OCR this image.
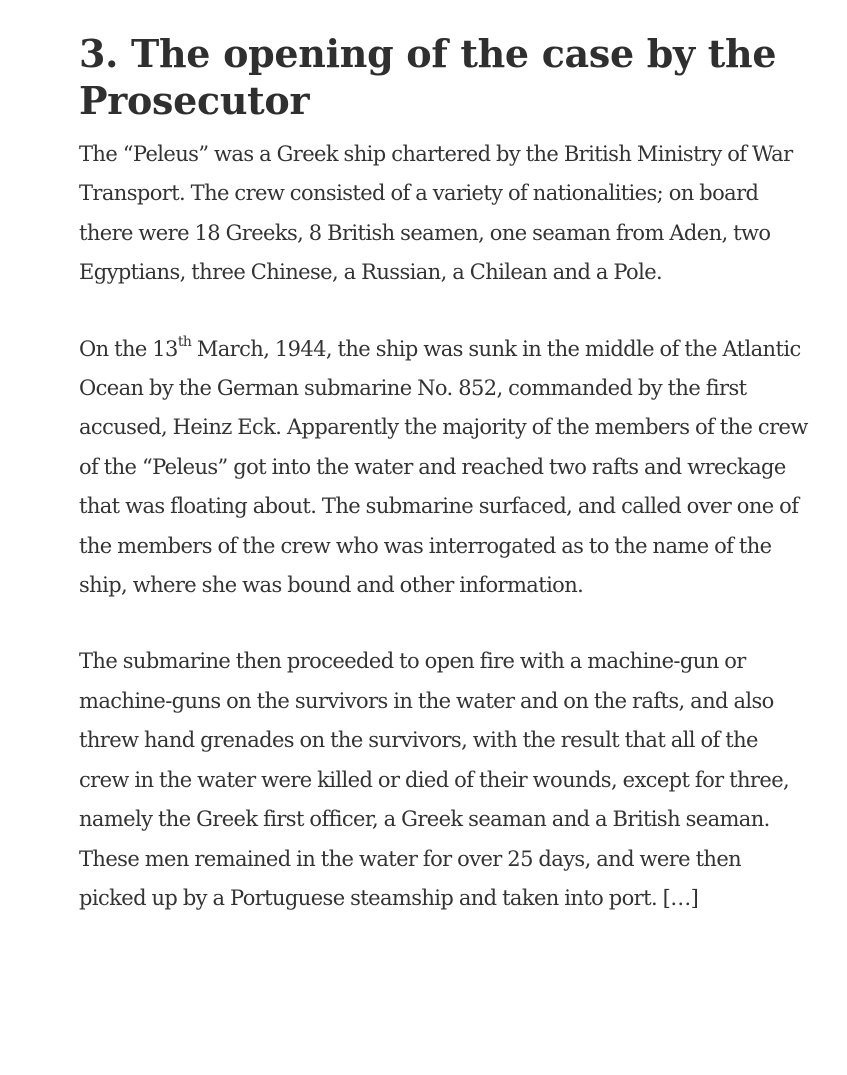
3. The opening of the case by the Prosecutor

The “Peleus” was a Greek ship chartered by the British Ministry of War Transport. The crew consisted of a variety of nationalities; on board there were 18 Greeks, 8 British seamen, one seaman from Aden, two Egyptians, three Chinese, a Russian, a Chilean and a Pole.

On the 13th March, 1944, the ship was sunk in the middle of the Atlantic Ocean by the German submarine No. 852, commanded by the first accused, Heinz Eck. Apparently the majority of the members of the crew of the “Peleus” got into the water and reached two rafts and wreckage that was floating about. The submarine surfaced, and called over one of the members of the crew who was interrogated as to the name of the ship, where she was bound and other information.

The submarine then proceeded to open fire with a machine-gun or machine-guns on the survivors in the water and on the rafts, and also threw hand grenades on the survivors, with the result that all of the crew in the water were killed or died of their wounds, except for three, namely the Greek first officer, a Greek seaman and a British seaman. These men remained in the water for over 25 days, and were then picked up by a Portuguese steamship and taken into port. […]
